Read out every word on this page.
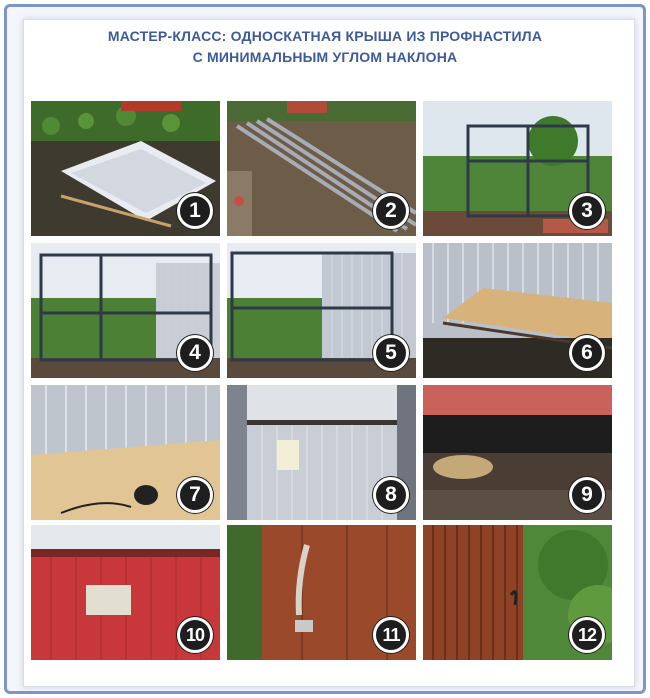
МАСТЕР-КЛАСС: ОДНОСКАТНАЯ КРЫША ИЗ ПРОФНАСТИЛА
С МИНИМАЛЬНЫМ УГЛОМ НАКЛОНА
1	2	3
4	5	6
7	8	9
10	11	12
